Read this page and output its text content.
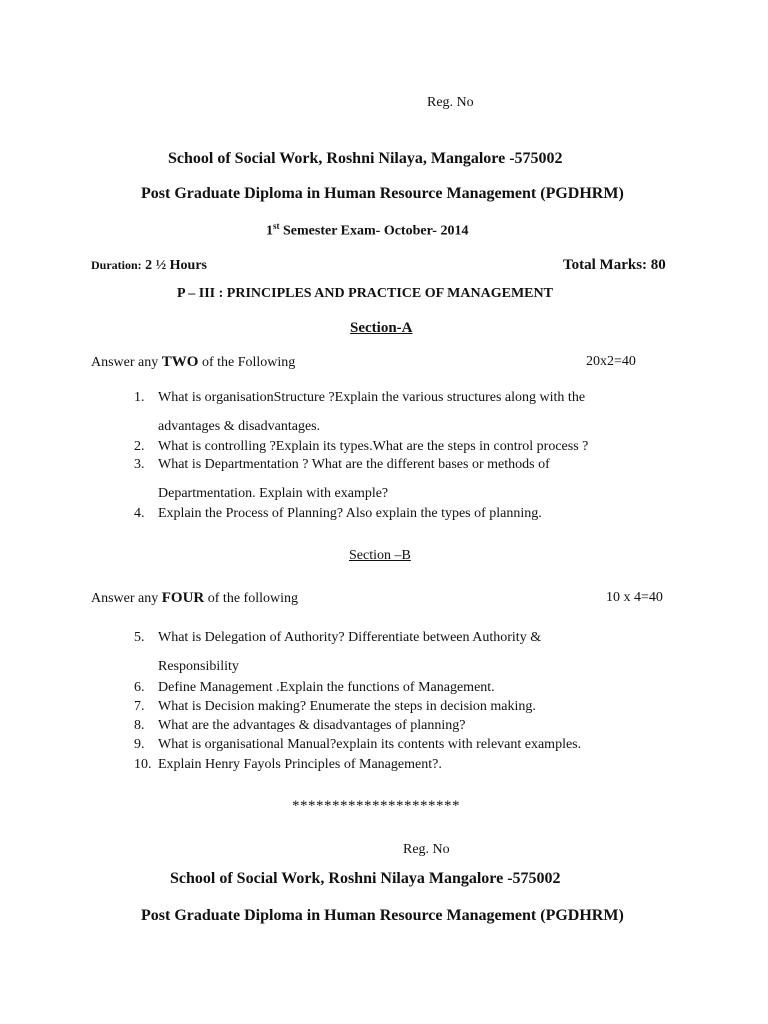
Reg. No
School of Social Work, Roshni Nilaya, Mangalore -575002
Post Graduate Diploma in Human Resource Management (PGDHRM)
1st Semester Exam- October- 2014
Duration: 2 ½ Hours	Total Marks: 80
P – III : PRINCIPLES AND PRACTICE OF MANAGEMENT
Section-A
Answer any TWO of the Following	20x2=40
1. What is organisationStructure ?Explain the various structures along with the
advantages & disadvantages.
2. What is controlling ?Explain its types.What are the steps in control process ?
3. What is Departmentation ? What are the different bases or methods of
Departmentation. Explain with example?
4. Explain the Process of Planning? Also explain the types of planning.
Section –B
Answer any FOUR of the following	10 x 4=40
5. What is Delegation of Authority? Differentiate between Authority &
Responsibility
6. Define Management .Explain the functions of Management.
7. What is Decision making? Enumerate the steps in decision making.
8. What are the advantages & disadvantages of planning?
9. What is organisational Manual?explain its contents with relevant examples.
10. Explain Henry Fayols Principles of Management?.
*********************
Reg. No
School of Social Work, Roshni Nilaya Mangalore -575002
Post Graduate Diploma in Human Resource Management (PGDHRM)
